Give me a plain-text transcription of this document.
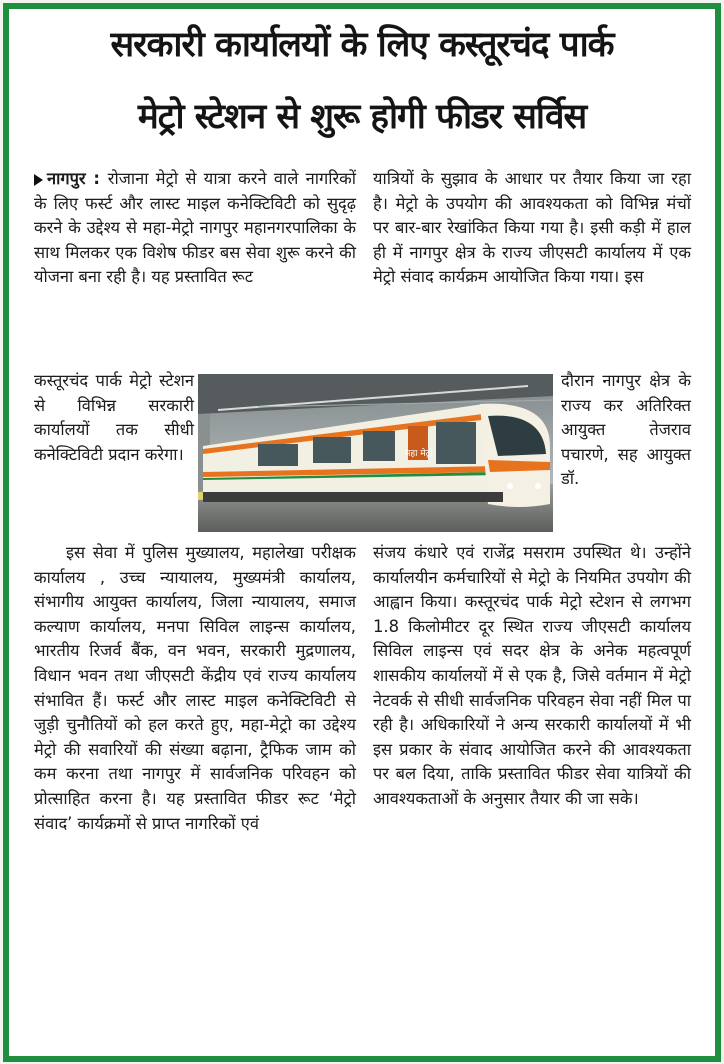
सरकारी कार्यालयों के लिए कस्तूरचंद पार्क
मेट्रो स्टेशन से शुरू होगी फीडर सर्विस

नागपुर : रोजाना मेट्रो से यात्रा करने वाले नागरिकों के लिए फर्स्ट और लास्ट माइल कनेक्टिविटी को सुदृढ़ करने के उद्देश्य से महा-मेट्रो नागपुर महानगरपालिका के साथ मिलकर एक विशेष फीडर बस सेवा शुरू करने की योजना बना रही है। यह प्रस्तावित रूट

कस्तूरचंद पार्क मेट्रो स्टेशन से विभिन्न सरकारी कार्यालयों तक सीधी कनेक्टिविटी प्रदान करेगा।
इस सेवा में पुलिस मुख्यालय, महालेखा परीक्षक कार्यालय , उच्च न्यायालय, मुख्यमंत्री कार्यालय, संभागीय आयुक्त कार्यालय, जिला न्यायालय, समाज कल्याण कार्यालय, मनपा सिविल लाइन्स कार्यालय, भारतीय रिजर्व बैंक, वन भवन, सरकारी मुद्रणालय, विधान भवन तथा जीएसटी केंद्रीय एवं राज्य कार्यालय संभावित हैं। फर्स्ट और लास्ट माइल कनेक्टिविटी से जुड़ी चुनौतियों को हल करते हुए, महा-मेट्रो का उद्देश्य मेट्रो की सवारियों की संख्या बढ़ाना, ट्रैफिक जाम को कम करना तथा नागपुर में सार्वजनिक परिवहन को प्रोत्साहित करना है। यह प्रस्तावित फीडर रूट ‘मेट्रो संवाद’ कार्यक्रमों से प्राप्त नागरिकों एवं
यात्रियों के सुझाव के आधार पर तैयार किया जा रहा है। मेट्रो के उपयोग की आवश्यकता को विभिन्न मंचों पर बार-बार रेखांकित किया गया है। इसी कड़ी में हाल ही में नागपुर क्षेत्र के राज्य जीएसटी कार्यालय में एक मेट्रो संवाद कार्यक्रम आयोजित किया गया। इस
दौरान नागपुर क्षेत्र के राज्य कर अतिरिक्त आयुक्त तेजराव पचारणे, सह आयुक्त डॉ.
संजय कंधारे एवं राजेंद्र मसराम उपस्थित थे। उन्होंने कार्यालयीन कर्मचारियों से मेट्रो के नियमित उपयोग की आह्वान किया। कस्तूरचंद पार्क मेट्रो स्टेशन से लगभग 1.8 किलोमीटर दूर स्थित राज्य जीएसटी कार्यालय सिविल लाइन्स एवं सदर क्षेत्र के अनेक महत्वपूर्ण शासकीय कार्यालयों में से एक है, जिसे वर्तमान में मेट्रो नेटवर्क से सीधी सार्वजनिक परिवहन सेवा नहीं मिल पा रही है। अधिकारियों ने अन्य सरकारी कार्यालयों में भी इस प्रकार के संवाद आयोजित करने की आवश्यकता पर बल दिया, ताकि प्रस्तावित फीडर सेवा यात्रियों की आवश्यकताओं के अनुसार तैयार की जा सके।
महा मेट्रो
